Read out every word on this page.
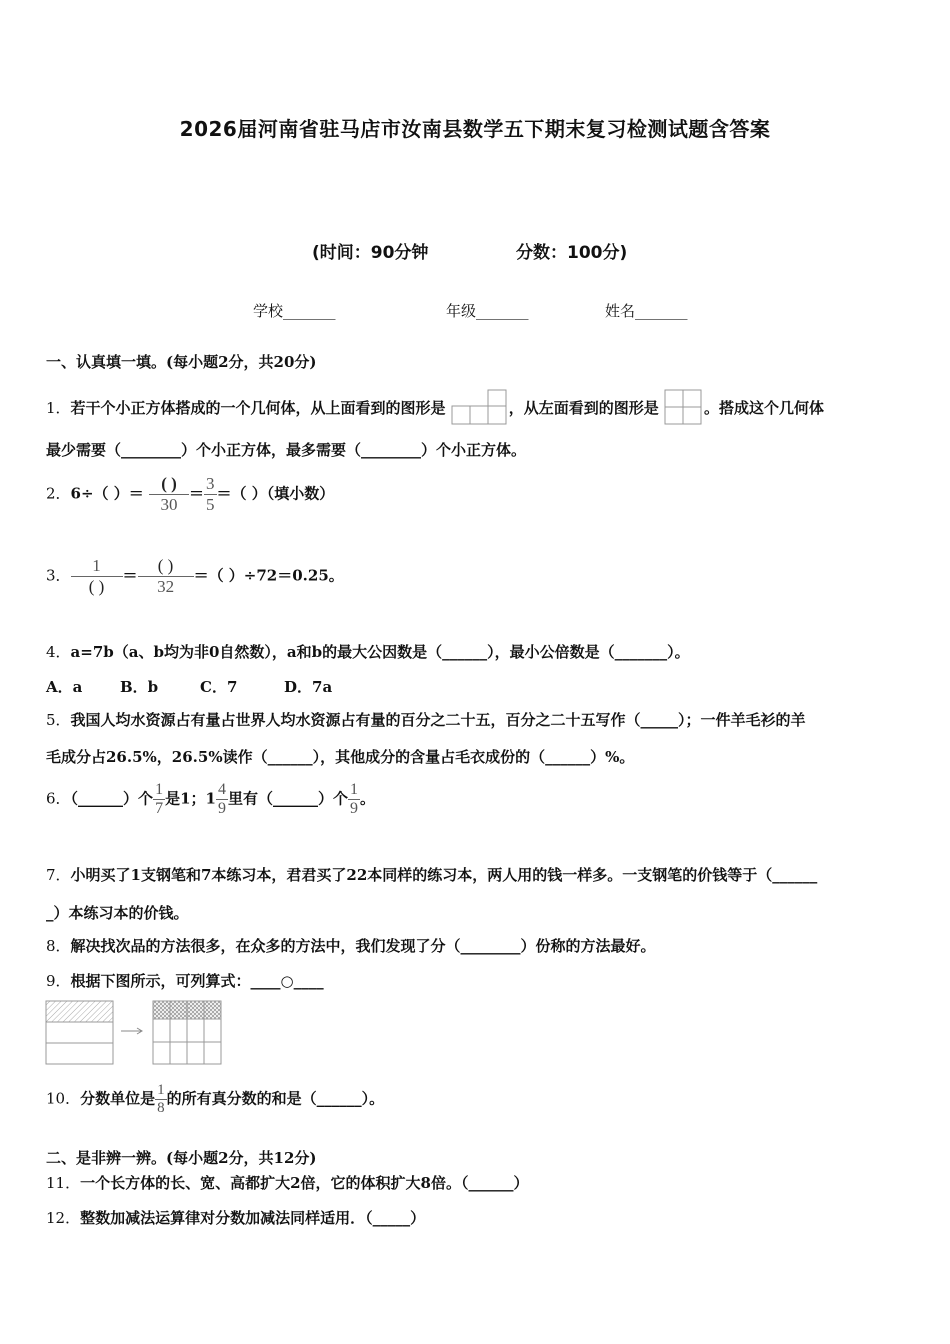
2026届河南省驻马店市汝南县数学五下期末复习检测试题含答案
(时间：90分钟	分数：100分)
学校_______	年级_______	姓名_______
一、认真填一填。(每小题2分，共20分)
1．若干个小正方体搭成的一个几何体，从上面看到的图形是	，从左面看到的图形是	。搭成这个几何体
最少需要（________）个小正方体，最多需要（________）个小正方体。
2．6÷（ ）＝ $\frac{( )}{30} = \frac{3}{5}$ ＝（ ）（填小数）
3． $\frac{1}{( )} = \frac{( )}{32}$ ＝（ ）÷72＝0.25。
4．a=7b（a、b均为非0自然数），a和b的最大公因数是（______），最小公倍数是（_______）。
A．a	B．b	C．7	D．7a
5．我国人均水资源占有量占世界人均水资源占有量的百分之二十五，百分之二十五写作（_____）；一件羊毛衫的羊
毛成分占26.5%，26.5%读作（______），其他成分的含量占毛衣成份的（______）%。
6．（______）个 $\frac{1}{7}$ 是1；$1 \frac{4}{9}$ 里有（______）个 $\frac{1}{9}$ 。
7．小明买了1支钢笔和7本练习本，君君买了22本同样的练习本，两人用的钱一样多。一支钢笔的价钱等于（______
_）本练习本的价钱。
8．解决找次品的方法很多，在众多的方法中，我们发现了分（________）份称的方法最好。
9．根据下图所示，可列算式：____○____
10．分数单位是 $\frac{1}{8}$ 的所有真分数的和是（______）。
二、是非辨一辨。(每小题2分，共12分)
11．一个长方体的长、宽、高都扩大2倍，它的体积扩大8倍。（______）
12．整数加减法运算律对分数加减法同样适用．（_____）
